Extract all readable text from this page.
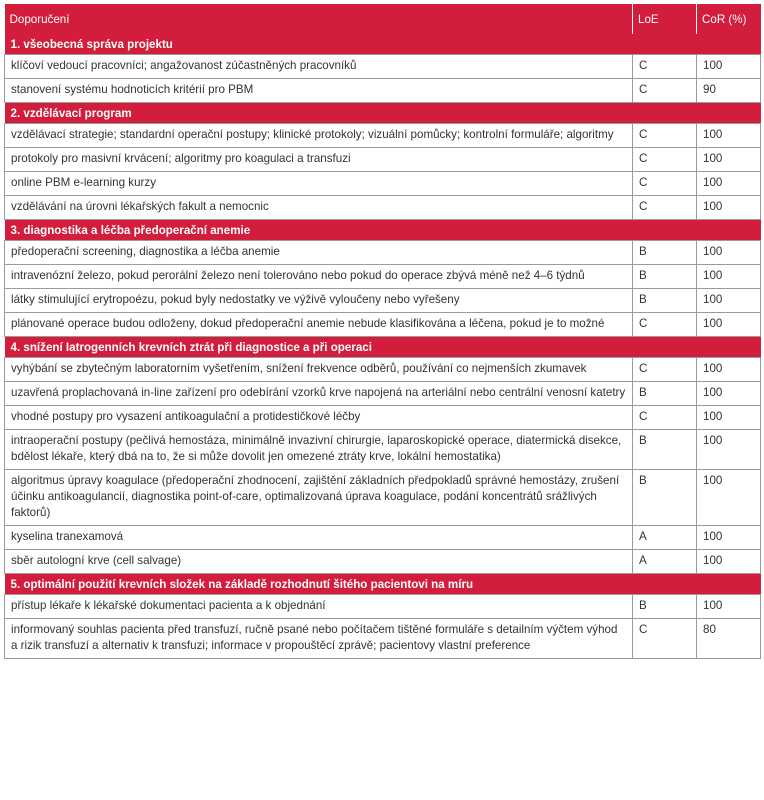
Doporučení	LoE	CoR (%)
1. všeobecná správa projektu		
klíčoví vedoucí pracovníci; angažovanost zúčastněných pracovníků	C	100
stanovení systému hodnoticích kritérií pro PBM	C	90
2. vzdělávací program		
vzdělávací strategie; standardní operační postupy; klinické protokoly; vizuální pomůcky; kontrolní formuláře; algoritmy	C	100
protokoly pro masivní krvácení; algoritmy pro koagulaci a transfuzi	C	100
online PBM e-learning kurzy	C	100
vzdělávání na úrovni lékařských fakult a nemocnic	C	100
3. diagnostika a léčba předoperační anemie		
předoperační screening, diagnostika a léčba anemie	B	100
intravenózní železo, pokud perorální železo není tolerováno nebo pokud do operace zbývá méně než 4–6 týdnů	B	100
látky stimulující erytropoézu, pokud byly nedostatky ve výživě vyloučeny nebo vyřešeny	B	100
plánované operace budou odloženy, dokud předoperační anemie nebude klasifikována a léčena, pokud je to možné	C	100
4. snížení Iatrogenních krevních ztrát při diagnostice a při operaci		
vyhýbání se zbytečným laboratorním vyšetřením, snížení frekvence odběrů, používání co nejmenších zkumavek	C	100
uzavřená proplachovaná in-line zařízení pro odebírání vzorků krve napojená na arteriální nebo centrální venosní katetry	B	100
vhodné postupy pro vysazení antikoagulační a protidestičkové léčby	C	100
intraoperační postupy (pečlivá hemostáza, minimálně invazivní chirurgie, laparoskopické operace, diatermická disekce, bdělost lékaře, který dbá na to, že si může dovolit jen omezené ztráty krve, lokální hemostatika)	B	100
algoritmus úpravy koagulace (předoperační zhodnocení, zajištění základních předpokladů správné hemostázy, zrušení účinku antikoagulancií, diagnostika point-of-care, optimalizovaná úprava koagulace, podání koncentrátů srážlivých faktorů)	B	100
kyselina tranexamová	A	100
sběr autologní krve (cell salvage)	A	100
5. optimální použití krevních složek na základě rozhodnutí šitého pacientovi na míru		
přístup lékaře k lékařské dokumentaci pacienta a k objednání	B	100
informovaný souhlas pacienta před transfuzí, ručně psané nebo počítačem tištěné formuláře s detailním výčtem výhod a rizik transfuzí a alternativ k transfuzi; informace v propouštěcí zprávě; pacientovy vlastní preference	C	80
